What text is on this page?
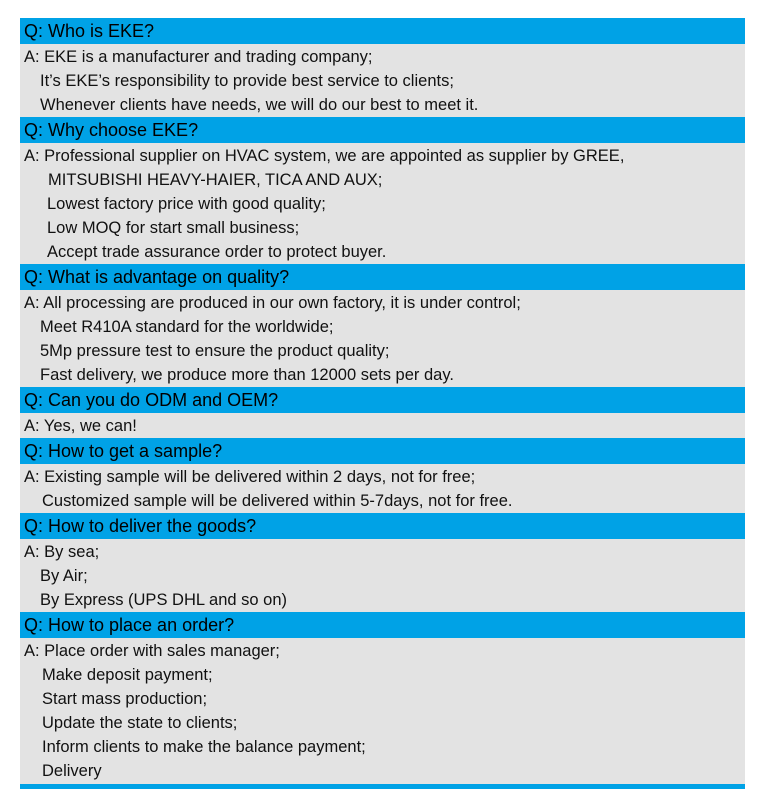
Q: Who is EKE?
A: EKE is a manufacturer and trading company;
It’s EKE’s responsibility to provide best service to clients;
Whenever clients have needs, we will do our best to meet it.
Q: Why choose EKE?
A: Professional supplier on HVAC system, we are appointed as supplier by GREE,
MITSUBISHI HEAVY-HAIER, TICA AND AUX;
Lowest factory price with good quality;
Low MOQ for start small business;
Accept trade assurance order to protect buyer.
Q: What is advantage on quality?
A: All processing are produced in our own factory, it is under control;
Meet R410A standard for the worldwide;
5Mp pressure test to ensure the product quality;
Fast delivery, we produce more than 12000 sets per day.
Q: Can you do ODM and OEM?
A: Yes, we can!
Q: How to get a sample?
A: Existing sample will be delivered within 2 days, not for free;
Customized sample will be delivered within 5-7days, not for free.
Q: How to deliver the goods?
A: By sea;
By Air;
By Express (UPS DHL and so on)
Q: How to place an order?
A: Place order with sales manager;
Make deposit payment;
Start mass production;
Update the state to clients;
Inform clients to make the balance payment;
Delivery
